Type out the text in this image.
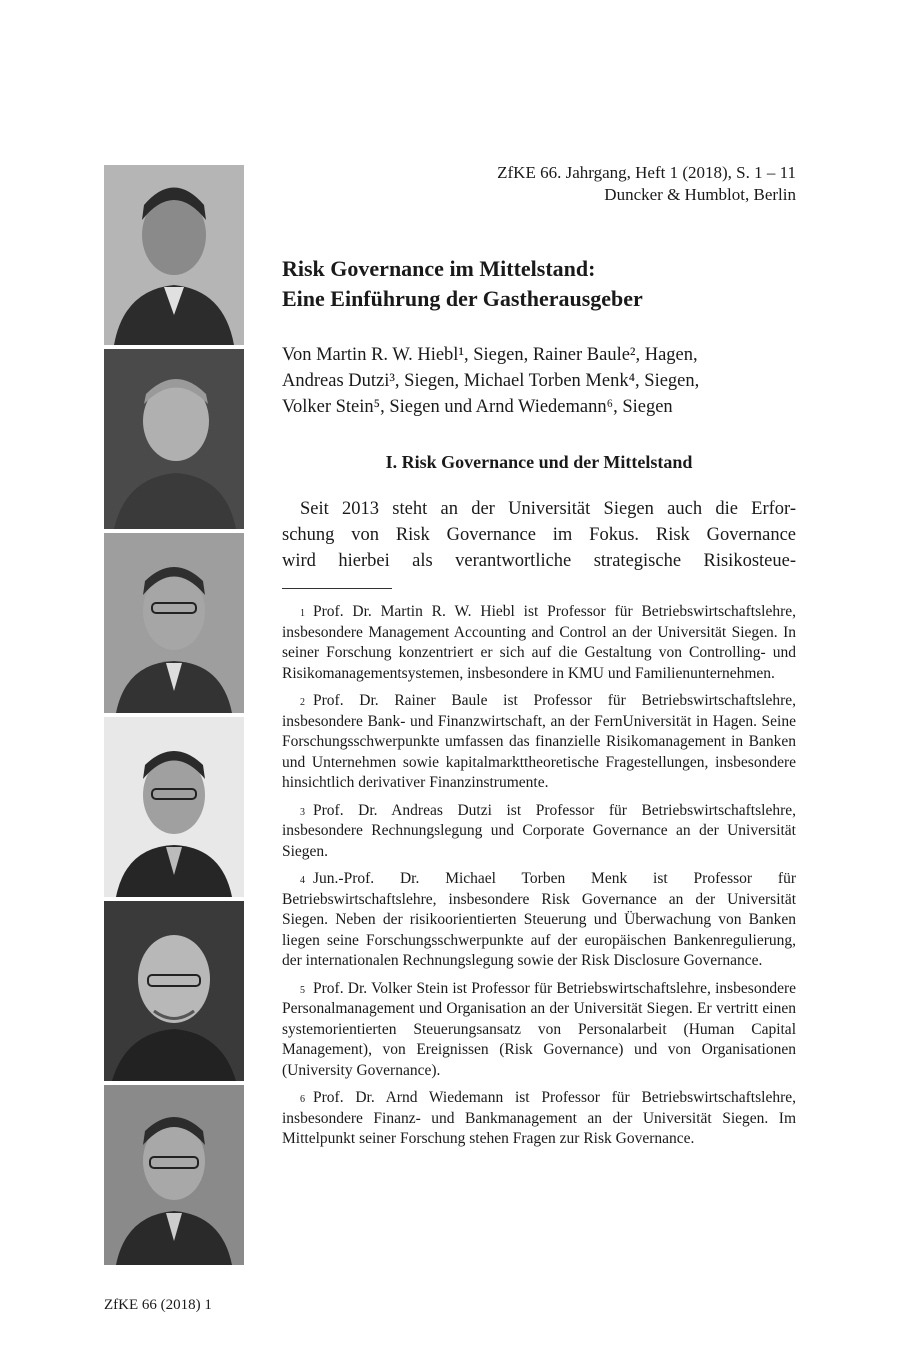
ZfKE 66. Jahrgang, Heft 1 (2018), S. 1 – 11
Duncker & Humblot, Berlin
Risk Governance im Mittelstand:
Eine Einführung der Gastherausgeber
Von Martin R. W. Hiebl¹, Siegen, Rainer Baule², Hagen,
Andreas Dutzi³, Siegen, Michael Torben Menk⁴, Siegen,
Volker Stein⁵, Siegen und Arnd Wiedemann⁶, Siegen
I. Risk Governance und der Mittelstand
Seit 2013 steht an der Universität Siegen auch die Erfor-
schung von Risk Governance im Fokus. Risk Governance
wird hierbei als verantwortliche strategische Risikosteue-
$^1$ Prof. Dr. Martin R. W. Hiebl ist Professor für Betriebswirtschaftslehre, insbesondere Management Accounting and Control an der Universität Siegen. In seiner Forschung konzentriert er sich auf die Gestaltung von Controlling- und Risikomanagementsystemen, insbesondere in KMU und Familienunternehmen.
$^2$ Prof. Dr. Rainer Baule ist Professor für Betriebswirtschaftslehre, insbesondere Bank- und Finanzwirtschaft, an der FernUniversität in Hagen. Seine Forschungsschwerpunkte umfassen das finanzielle Risikomanagement in Banken und Unternehmen sowie kapitalmarkttheoretische Fragestellungen, insbesondere hinsichtlich derivativer Finanzinstrumente.
$^3$ Prof. Dr. Andreas Dutzi ist Professor für Betriebswirtschaftslehre, insbesondere Rechnungslegung und Corporate Governance an der Universität Siegen.
$^4$ Jun.-Prof. Dr. Michael Torben Menk ist Professor für Betriebswirtschaftslehre, insbesondere Risk Governance an der Universität Siegen. Neben der risikoorientierten Steuerung und Überwachung von Banken liegen seine Forschungsschwerpunkte auf der europäischen Bankenregulierung, der internationalen Rechnungslegung sowie der Risk Disclosure Governance.
$^5$ Prof. Dr. Volker Stein ist Professor für Betriebswirtschaftslehre, insbesondere Personalmanagement und Organisation an der Universität Siegen. Er vertritt einen systemorientierten Steuerungsansatz von Personalarbeit (Human Capital Management), von Ereignissen (Risk Governance) und von Organisationen (University Governance).
$^6$ Prof. Dr. Arnd Wiedemann ist Professor für Betriebswirtschaftslehre, insbesondere Finanz- und Bankmanagement an der Universität Siegen. Im Mittelpunkt seiner Forschung stehen Fragen zur Risk Governance.
ZfKE 66 (2018) 1
